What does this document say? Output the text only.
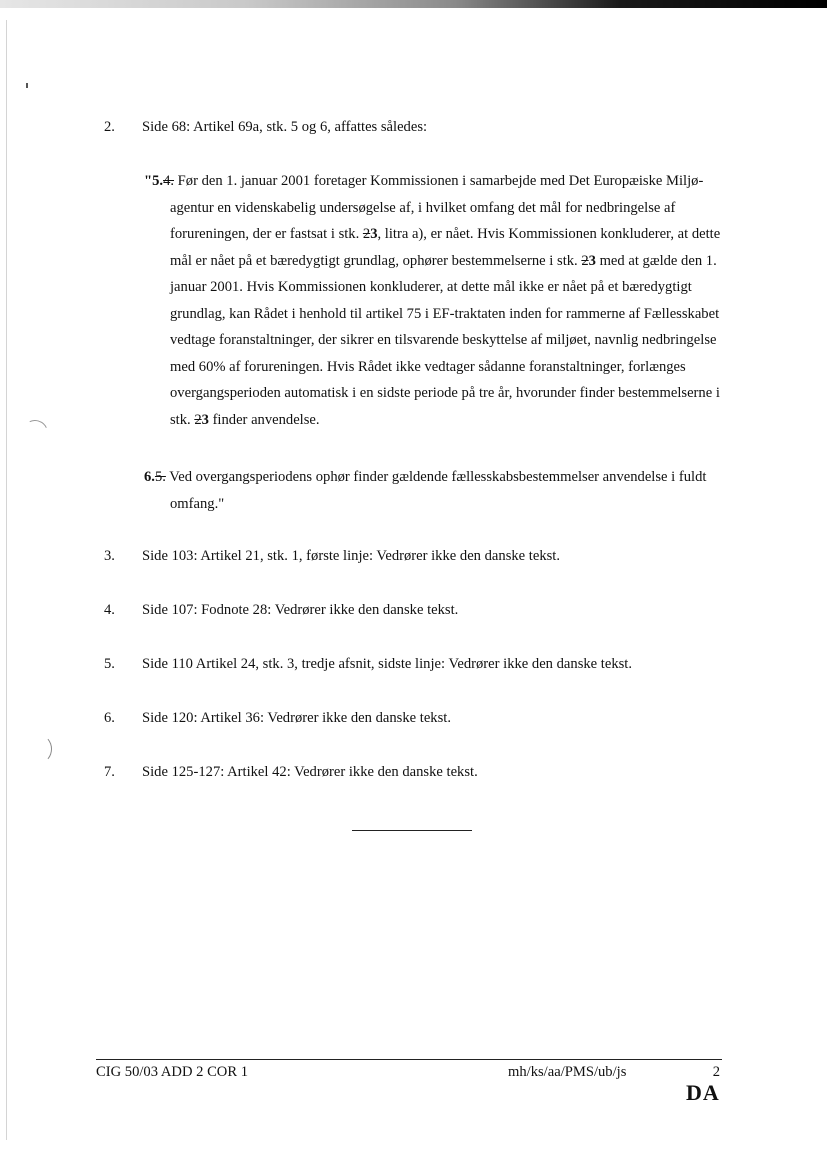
2.	Side 68: Artikel 69a, stk. 5 og 6, affattes således:
"5.4. Før den 1. januar 2001 foretager Kommissionen i samarbejde med Det Europæiske Miljø-agentur en videnskabelig undersøgelse af, i hvilket omfang det mål for nedbringelse af forureningen, der er fastsat i stk. 23, litra a), er nået. Hvis Kommissionen konkluderer, at dette mål er nået på et bæredygtigt grundlag, ophører bestemmelserne i stk. 23 med at gælde den 1. januar 2001. Hvis Kommissionen konkluderer, at dette mål ikke er nået på et bæredygtigt grundlag, kan Rådet i henhold til artikel 75 i EF-traktaten inden for rammerne af Fællesskabet vedtage foranstaltninger, der sikrer en tilsvarende beskyttelse af miljøet, navnlig nedbringelse med 60% af forureningen. Hvis Rådet ikke vedtager sådanne foranstaltninger, forlænges overgangsperioden automatisk i en sidste periode på tre år, hvorunder finder bestemmelserne i stk. 23 finder anvendelse.
6.5. Ved overgangsperiodens ophør finder gældende fællesskabsbestemmelser anvendelse i fuldt omfang."
3.	Side 103: Artikel 21, stk. 1, første linje: Vedrører ikke den danske tekst.
4.	Side 107: Fodnote 28: Vedrører ikke den danske tekst.
5.	Side 110 Artikel 24, stk. 3, tredje afsnit, sidste linje: Vedrører ikke den danske tekst.
6.	Side 120: Artikel 36: Vedrører ikke den danske tekst.
7.	Side 125-127: Artikel 42: Vedrører ikke den danske tekst.
CIG 50/03 ADD 2 COR 1	mh/ks/aa/PMS/ub/js	2
DA
